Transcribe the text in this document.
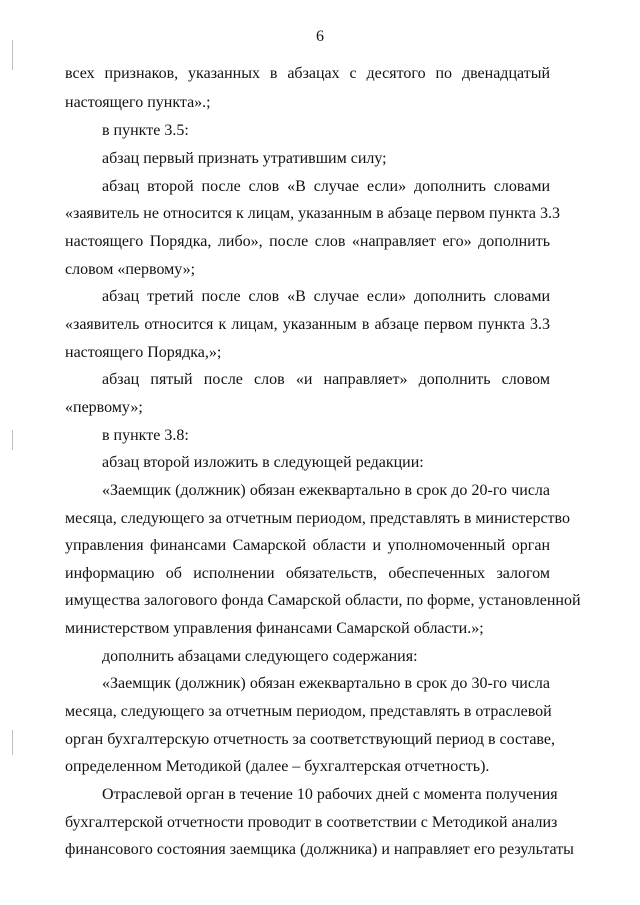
6
всех признаков, указанных в абзацах с десятого по двенадцатый
настоящего пункта».;
в пункте 3.5:
абзац первый признать утратившим силу;
абзац второй после слов «В случае если» дополнить словами
«заявитель не относится к лицам, указанным в абзаце первом пункта 3.3
настоящего Порядка, либо», после слов «направляет его» дополнить
словом «первому»;
абзац третий после слов «В случае если» дополнить словами
«заявитель относится к лицам, указанным в абзаце первом пункта 3.3
настоящего Порядка,»;
абзац пятый после слов «и направляет» дополнить словом
«первому»;
в пункте 3.8:
абзац второй изложить в следующей редакции:
«Заемщик (должник) обязан ежеквартально в срок до 20-го числа
месяца, следующего за отчетным периодом, представлять в министерство
управления финансами Самарской области и уполномоченный орган
информацию об исполнении обязательств, обеспеченных залогом
имущества залогового фонда Самарской области, по форме, установленной
министерством управления финансами Самарской области.»;
дополнить абзацами следующего содержания:
«Заемщик (должник) обязан ежеквартально в срок до 30-го числа
месяца, следующего за отчетным периодом, представлять в отраслевой
орган бухгалтерскую отчетность за соответствующий период в составе,
определенном Методикой (далее – бухгалтерская отчетность).
Отраслевой орган в течение 10 рабочих дней с момента получения
бухгалтерской отчетности проводит в соответствии с Методикой анализ
финансового состояния заемщика (должника) и направляет его результаты
